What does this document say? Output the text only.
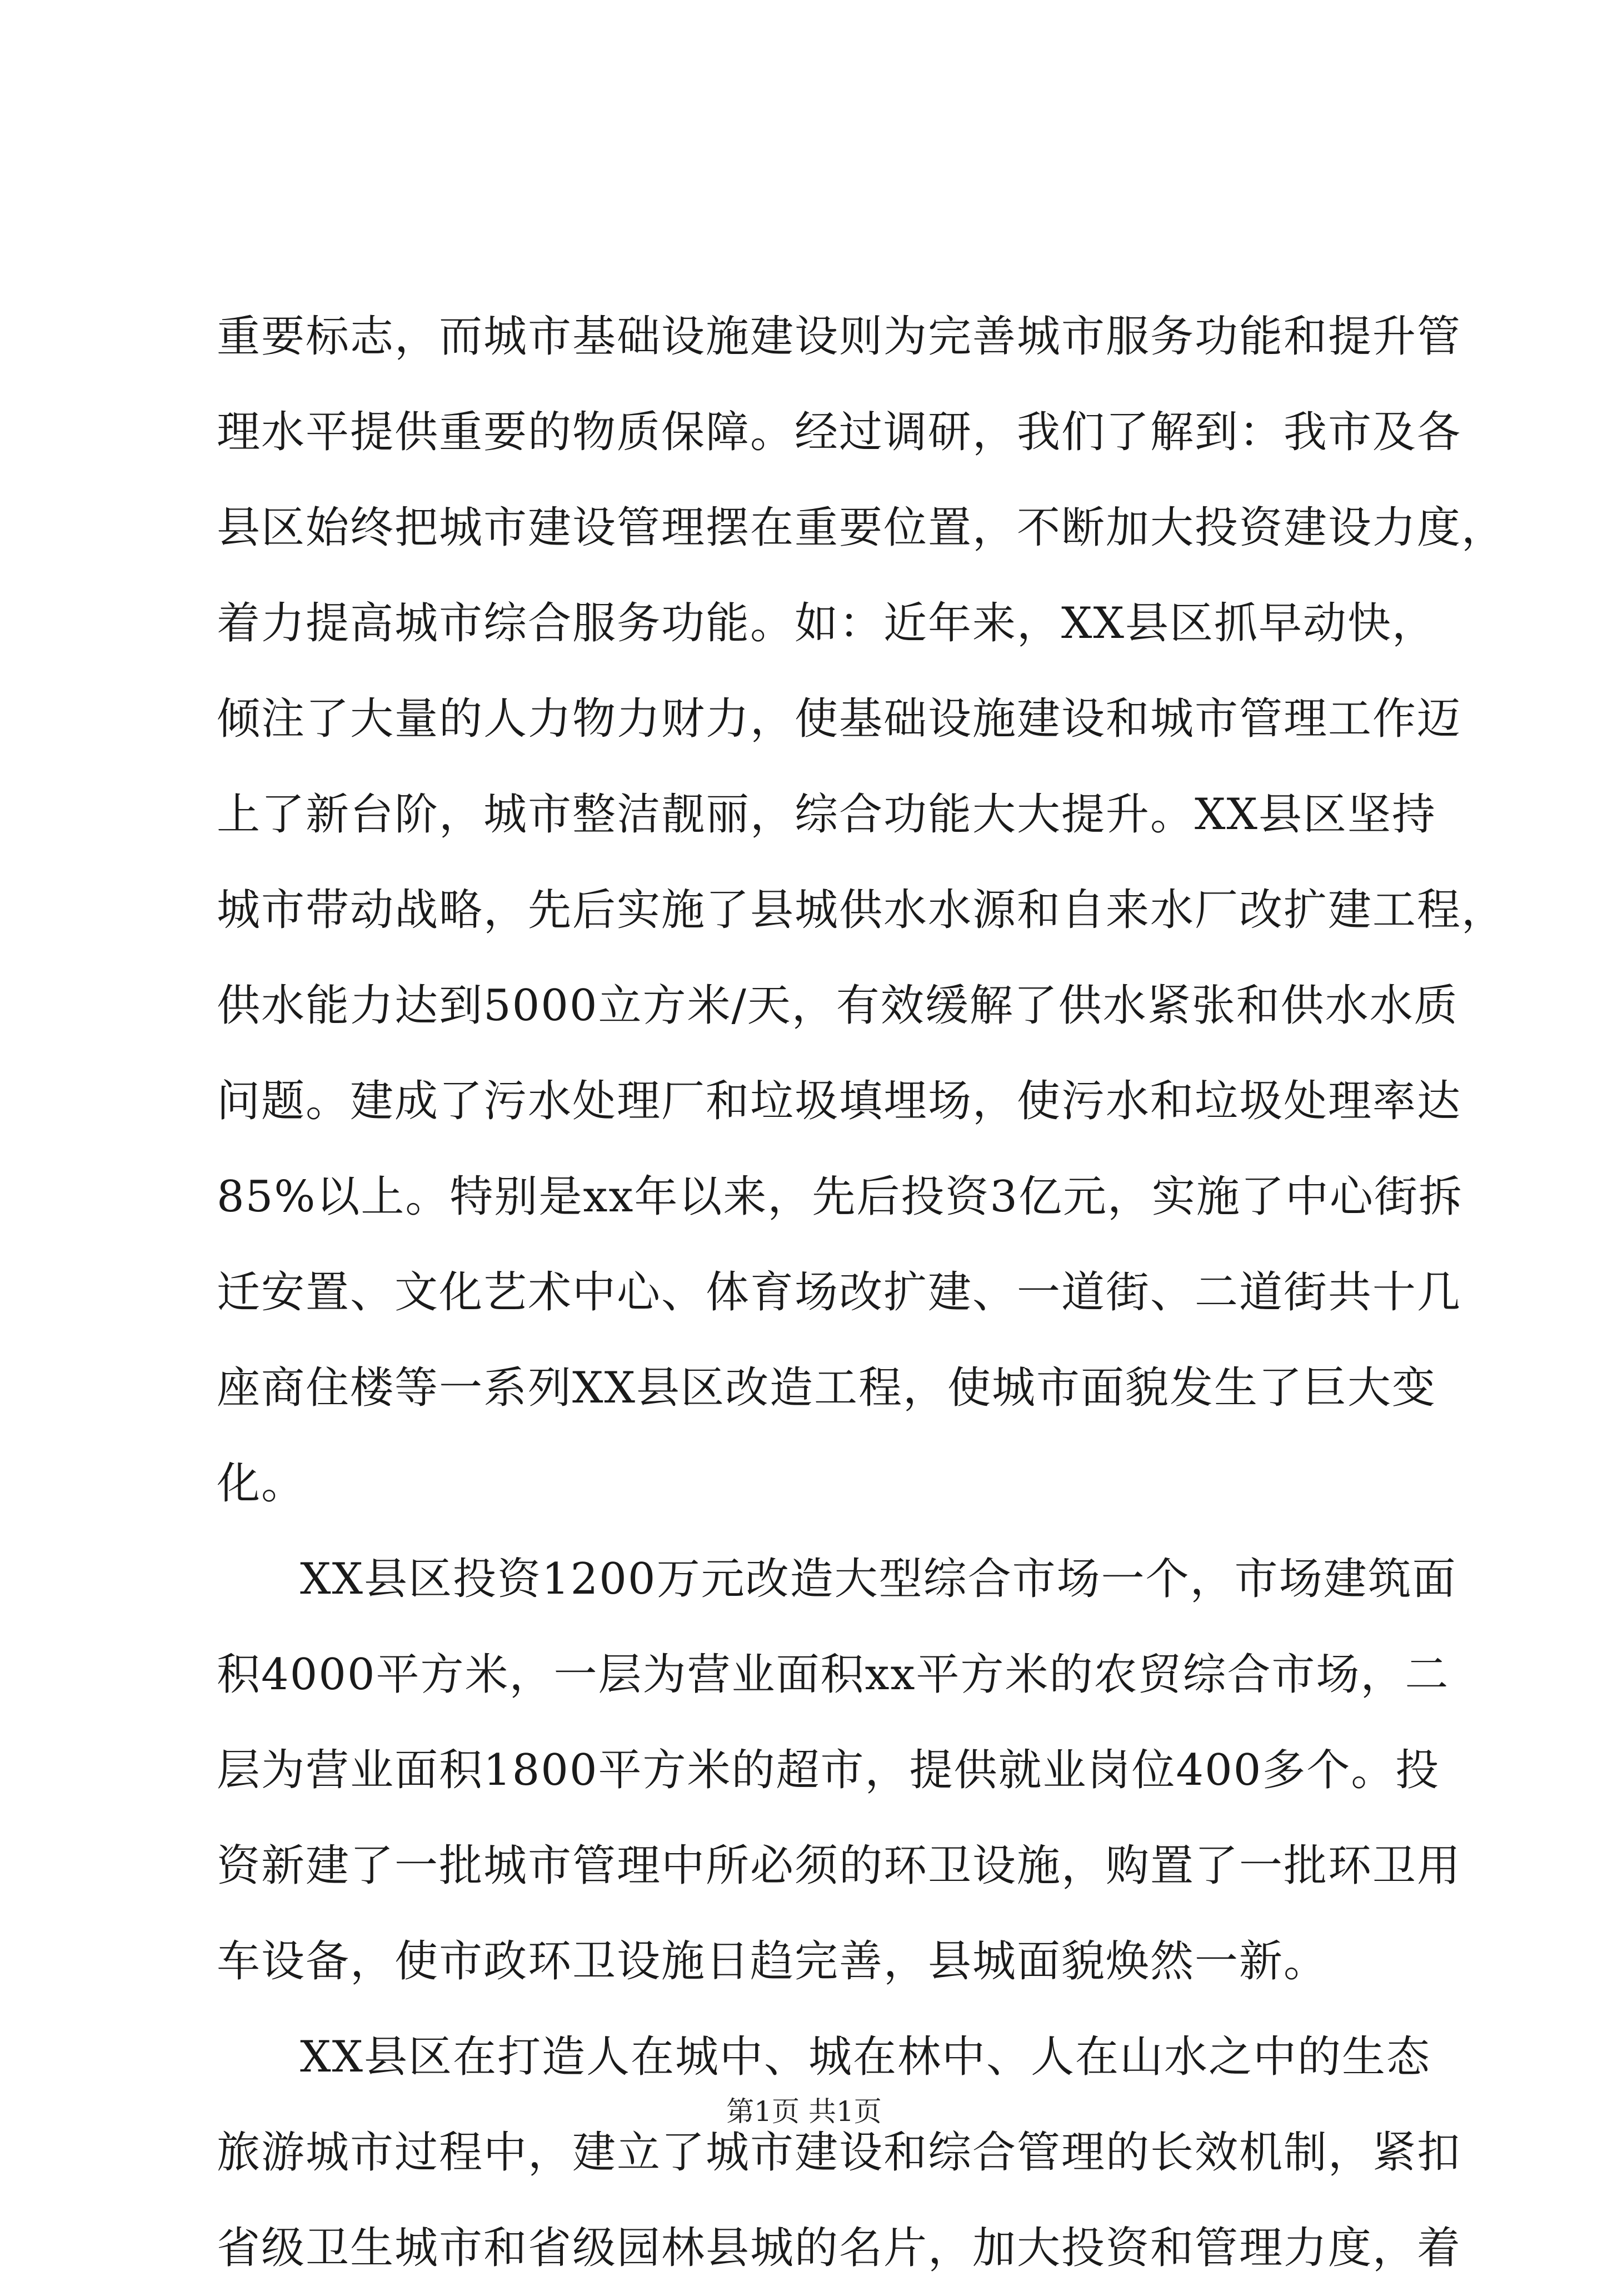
重要标志，而城市基础设施建设则为完善城市服务功能和提升管
理水平提供重要的物质保障。经过调研，我们了解到：我市及各
县区始终把城市建设管理摆在重要位置，不断加大投资建设力度，
着力提高城市综合服务功能。如：近年来，XX县区抓早动快，
倾注了大量的人力物力财力，使基础设施建设和城市管理工作迈
上了新台阶，城市整洁靓丽，综合功能大大提升。XX县区坚持
城市带动战略，先后实施了县城供水水源和自来水厂改扩建工程，
供水能力达到5000立方米/天，有效缓解了供水紧张和供水水质
问题。建成了污水处理厂和垃圾填埋场，使污水和垃圾处理率达
85%以上。特别是xx年以来，先后投资3亿元，实施了中心街拆
迁安置、文化艺术中心、体育场改扩建、一道街、二道街共十几
座商住楼等一系列XX县区改造工程，使城市面貌发生了巨大变
化。
XX县区投资1200万元改造大型综合市场一个，市场建筑面
积4000平方米，一层为营业面积xx平方米的农贸综合市场，二
层为营业面积1800平方米的超市，提供就业岗位400多个。投
资新建了一批城市管理中所必须的环卫设施，购置了一批环卫用
车设备，使市政环卫设施日趋完善，县城面貌焕然一新。
XX县区在打造人在城中、城在林中、人在山水之中的生态
旅游城市过程中，建立了城市建设和综合管理的长效机制，紧扣
省级卫生城市和省级园林县城的名片，加大投资和管理力度，着
第1页 共1页
